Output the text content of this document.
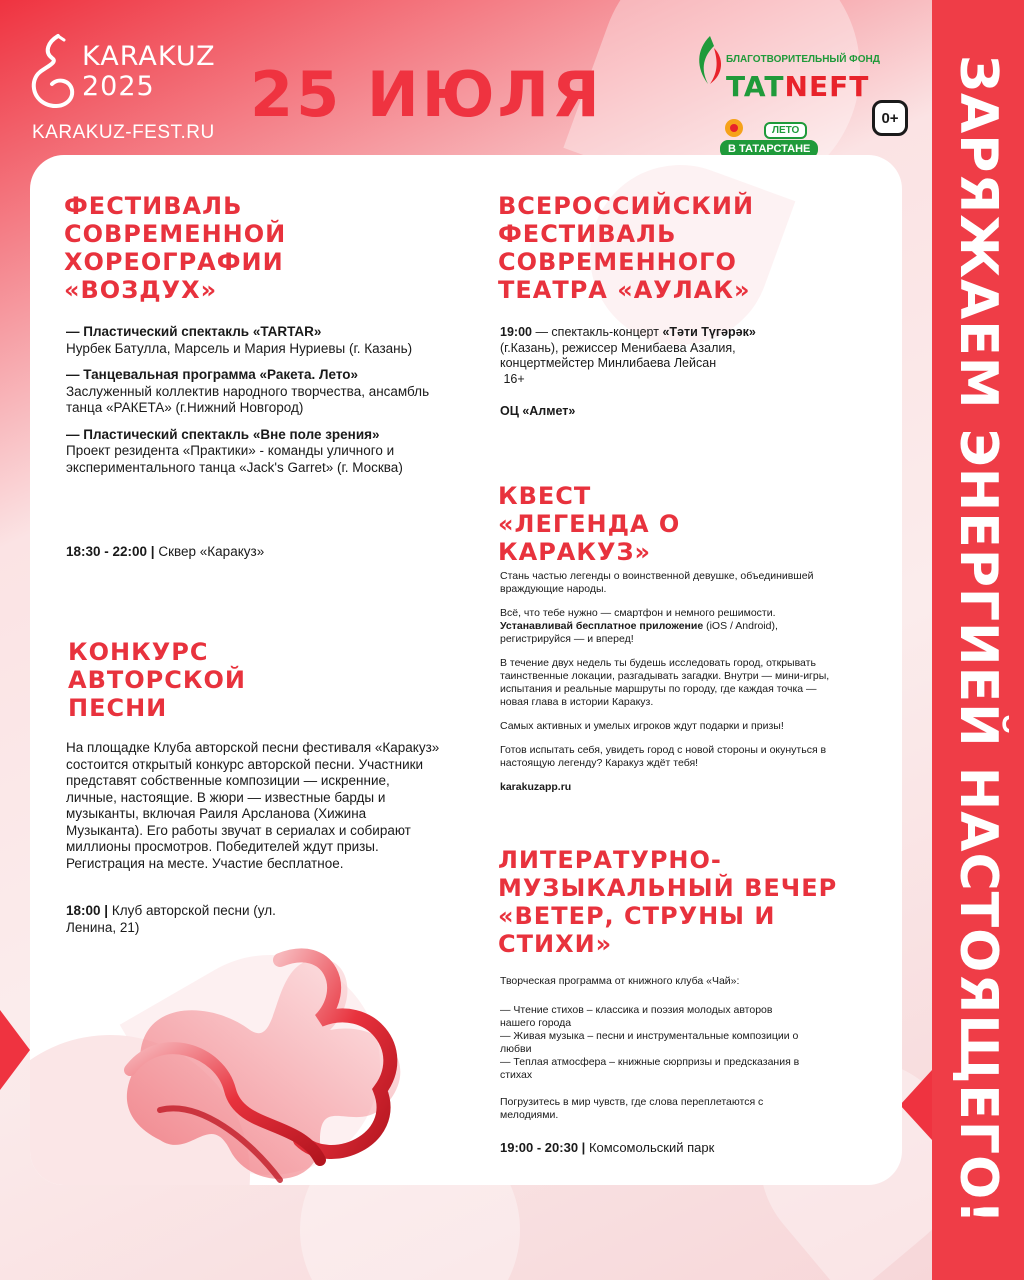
ЗАРЯЖАЕМ ЭНЕРГИЕЙ НАСТОЯЩЕГО!
KARAKUZ
2025
KARAKUZ-FEST.RU
25 ИЮЛЯ	БЛАГОТВОРИТЕЛЬНЫЙ ФОНД
TATNEFT
0+
ЛЕТО
В ТАТАРСТАНЕ
ФЕСТИВАЛЬ СОВРЕМЕННОЙ ХОРЕОГРАФИИ «ВОЗДУХ»
— Пластический спектакль «TARTAR»
Нурбек Батулла, Марсель и Мария Нуриевы (г. Казань)
— Танцевальная программа «Ракета. Лето»
Заслуженный коллектив народного творчества, ансамбль танца «РАКЕТА» (г.Нижний Новгород)
— Пластический спектакль «Вне поле зрения»
Проект резидента «Практики» - команды уличного и экспериментального танца «Jack's Garret» (г. Москва)
18:30 - 22:00 | Сквер «Каракуз»
КОНКУРС АВТОРСКОЙ ПЕСНИ
На площадке Клуба авторской песни фестиваля «Каракуз» состоится открытый конкурс авторской песни. Участники представят собственные композиции — искренние, личные, настоящие. В жюри — известные барды и музыканты, включая Раиля Арсланова (Хижина Музыканта). Его работы звучат в сериалах и собирают миллионы просмотров. Победителей ждут призы. Регистрация на месте. Участие бесплатное.
18:00 | Клуб авторской песни (ул. Ленина, 21)
ВСЕРОССИЙСКИЙ ФЕСТИВАЛЬ СОВРЕМЕННОГО ТЕАТРА «АУЛАК»
19:00 — спектакль-концерт «Тәти Түгәрәк» (г.Казань), режиссер Менибаева Азалия, концертмейстер Минлибаева Лейсан
16+
ОЦ «Алмет»
КВЕСТ «ЛЕГЕНДА О КАРАКУЗ»
Стань частью легенды о воинственной девушке, объединившей враждующие народы.
Всё, что тебе нужно — смартфон и немного решимости. Устанавливай бесплатное приложение (iOS / Android), регистрируйся — и вперед!
В течение двух недель ты будешь исследовать город, открывать таинственные локации, разгадывать загадки. Внутри — мини-игры, испытания и реальные маршруты по городу, где каждая точка — новая глава в истории Каракуз.
Самых активных и умелых игроков ждут подарки и призы!
Готов испытать себя, увидеть город с новой стороны и окунуться в настоящую легенду? Каракуз ждёт тебя!
karakuzapp.ru
ЛИТЕРАТУРНО-МУЗЫКАЛЬНЫЙ ВЕЧЕР «ВЕТЕР, СТРУНЫ И СТИХИ»
Творческая программа от книжного клуба «Чай»:
— Чтение стихов – классика и поэзия молодых авторов нашего города
— Живая музыка – песни и инструментальные композиции о любви
— Теплая атмосфера – книжные сюрпризы и предсказания в стихах
Погрузитесь в мир чувств, где слова переплетаются с мелодиями.
19:00 - 20:30 | Комсомольский парк
